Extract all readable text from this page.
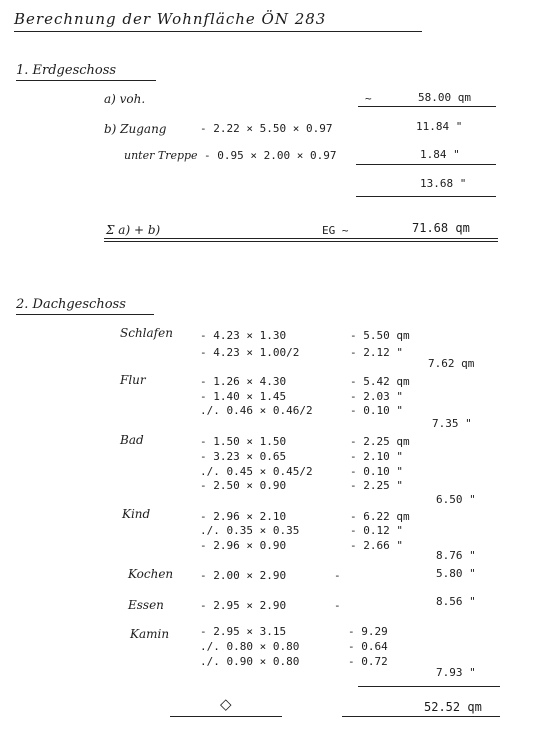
Berechnung der Wohnfläche ÖN 283
1. Erdgeschoss
a) voh.	~	58.00 qm
b) Zugang	- 2.22 × 5.50 × 0.97	11.84 "
unter Treppe - 0.95 × 2.00 × 0.97	1.84 "
13.68 "
Σ a) + b)	EG ~	71.68 qm
2. Dachgeschoss
Schlafen - 4.23 × 1.30	- 5.50 qm
- 4.23 × 1.00/2	- 2.12 "
7.62 qm
Flur	- 1.26 × 4.30	- 5.42 qm
- 1.40 × 1.45	- 2.03 "
./. 0.46 × 0.46/2	- 0.10 "
7.35 "
Bad	- 1.50 × 1.50	- 2.25 qm
- 3.23 × 0.65	- 2.10 "
./. 0.45 × 0.45/2	- 0.10 "
- 2.50 × 0.90	- 2.25 "
6.50 "
Kind	- 2.96 × 2.10	- 6.22 qm
./. 0.35 × 0.35	- 0.12 "
- 2.96 × 0.90	- 2.66 "
8.76 "
Kochen - 2.00 × 2.90	-	5.80 "
Essen	- 2.95 × 2.90	-	8.56 "
Kamin	- 2.95 × 3.15	- 9.29
./. 0.80 × 0.80	- 0.64
./. 0.90 × 0.80	- 0.72
7.93 "
◇	52.52 qm
